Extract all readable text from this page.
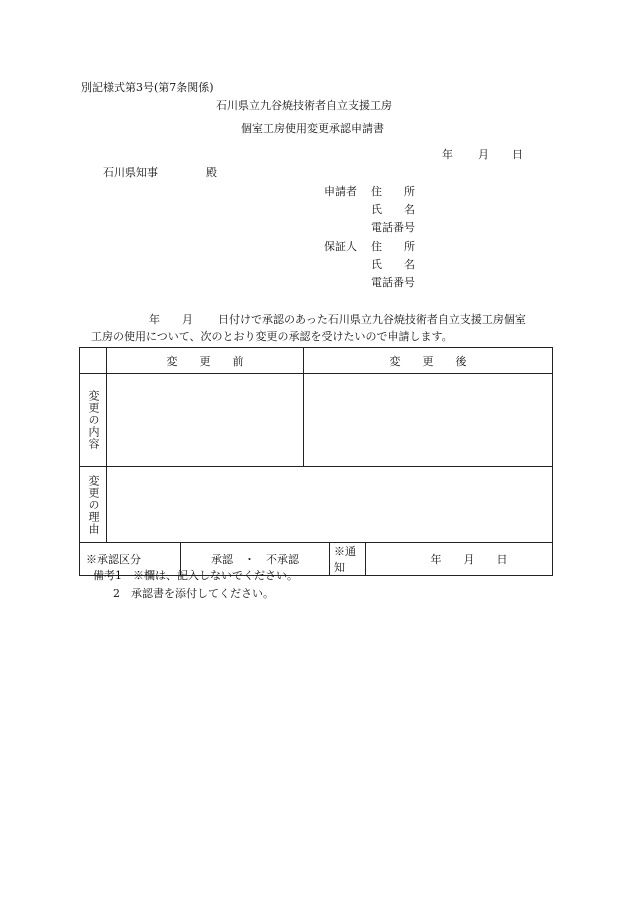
別記様式第3号(第7条関係)
石川県立九谷焼技術者自立支援工房
個室工房使用変更承認申請書
年 月 日
石川県知事	殿
申請者 住　　所
氏　　名
電話番号
保証人 住　　所
氏　　名
電話番号
年 月 日付けで承認のあった石川県立九谷焼技術者自立支援工房個室
工房の使用について、次のとおり変更の承認を受けたいので申請します。
	変　　更　　前		変　　更　　後		

変更の内容					

変更の理由					

※承認区分		承認　・　不承認		※通　　知	年　　月　　日
備考1　※欄は、記入しないでください。
2　承認書を添付してください。
